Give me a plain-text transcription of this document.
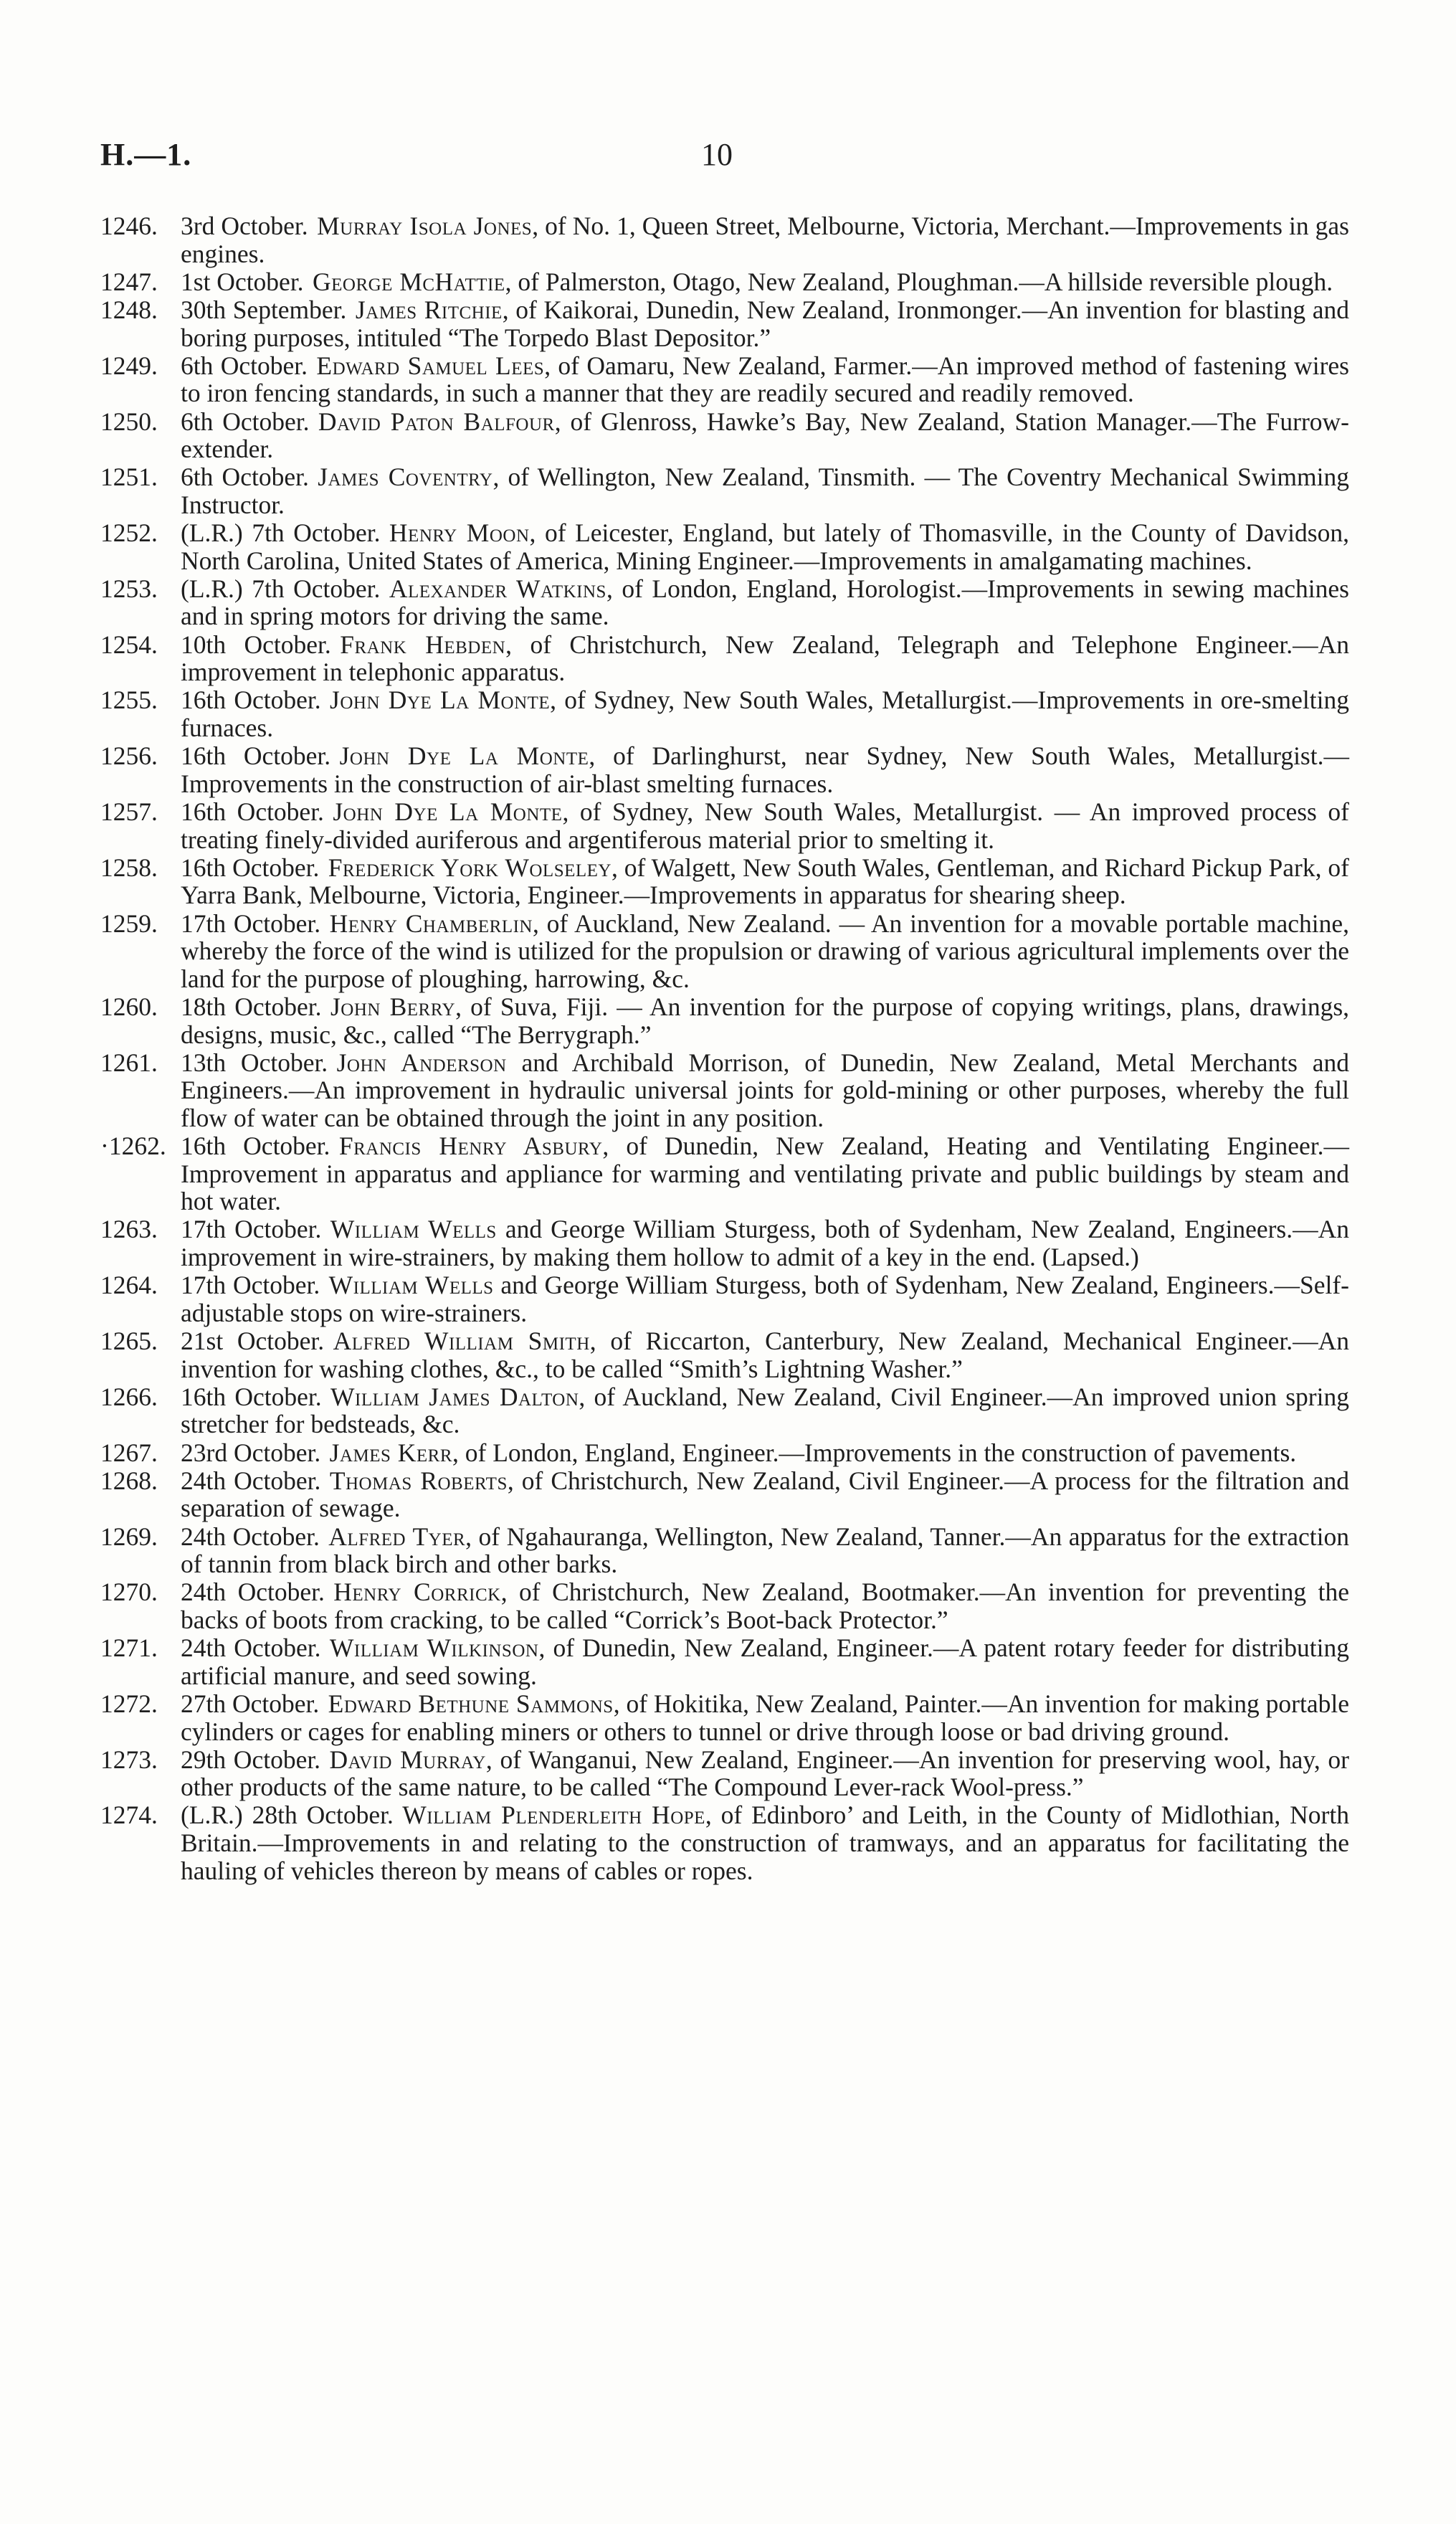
H.—1.	10
1246. 3rd October. Murray Isola Jones, of No. 1, Queen Street, Melbourne, Victoria, Merchant.—Improvements in gas engines.
1247. 1st October. George McHattie, of Palmerston, Otago, New Zealand, Ploughman.—A hillside reversible plough.
1248. 30th September. James Ritchie, of Kaikorai, Dunedin, New Zealand, Ironmonger.—An invention for blasting and boring purposes, intituled “The Torpedo Blast Depositor.”
1249. 6th October. Edward Samuel Lees, of Oamaru, New Zealand, Farmer.—An improved method of fastening wires to iron fencing standards, in such a manner that they are readily secured and readily removed.
1250. 6th October. David Paton Balfour, of Glenross, Hawke’s Bay, New Zealand, Station Manager.—The Furrow-extender.
1251. 6th October. James Coventry, of Wellington, New Zealand, Tinsmith. — The Coventry Mechanical Swimming Instructor.
1252. (L.R.) 7th October. Henry Moon, of Leicester, England, but lately of Thomasville, in the County of Davidson, North Carolina, United States of America, Mining Engineer.—Improvements in amalgamating machines.
1253. (L.R.) 7th October. Alexander Watkins, of London, England, Horologist.—Improvements in sewing machines and in spring motors for driving the same.
1254. 10th October. Frank Hebden, of Christchurch, New Zealand, Telegraph and Telephone Engineer.—An improvement in telephonic apparatus.
1255. 16th October. John Dye La Monte, of Sydney, New South Wales, Metallurgist.—Improvements in ore-smelting furnaces.
1256. 16th October. John Dye La Monte, of Darlinghurst, near Sydney, New South Wales, Metallurgist.—Improvements in the construction of air-blast smelting furnaces.
1257. 16th October. John Dye La Monte, of Sydney, New South Wales, Metallurgist. — An improved process of treating finely-divided auriferous and argentiferous material prior to smelting it.
1258. 16th October. Frederick York Wolseley, of Walgett, New South Wales, Gentleman, and Richard Pickup Park, of Yarra Bank, Melbourne, Victoria, Engineer.—Improvements in apparatus for shearing sheep.
1259. 17th October. Henry Chamberlin, of Auckland, New Zealand. — An invention for a movable portable machine, whereby the force of the wind is utilized for the propulsion or drawing of various agricultural implements over the land for the purpose of ploughing, harrowing, &c.
1260. 18th October. John Berry, of Suva, Fiji. — An invention for the purpose of copying writings, plans, drawings, designs, music, &c., called “The Berrygraph.”
1261. 13th October. John Anderson and Archibald Morrison, of Dunedin, New Zealand, Metal Merchants and Engineers.—An improvement in hydraulic universal joints for gold-mining or other purposes, whereby the full flow of water can be obtained through the joint in any position.
·1262. 16th October. Francis Henry Asbury, of Dunedin, New Zealand, Heating and Ventilating Engineer.—Improvement in apparatus and appliance for warming and ventilating private and public buildings by steam and hot water.
1263. 17th October. William Wells and George William Sturgess, both of Sydenham, New Zealand, Engineers.—An improvement in wire-strainers, by making them hollow to admit of a key in the end. (Lapsed.)
1264. 17th October. William Wells and George William Sturgess, both of Sydenham, New Zealand, Engineers.—Self-adjustable stops on wire-strainers.
1265. 21st October. Alfred William Smith, of Riccarton, Canterbury, New Zealand, Mechanical Engineer.—An invention for washing clothes, &c., to be called “Smith’s Lightning Washer.”
1266. 16th October. William James Dalton, of Auckland, New Zealand, Civil Engineer.—An improved union spring stretcher for bedsteads, &c.
1267. 23rd October. James Kerr, of London, England, Engineer.—Improvements in the construction of pavements.
1268. 24th October. Thomas Roberts, of Christchurch, New Zealand, Civil Engineer.—A process for the filtration and separation of sewage.
1269. 24th October. Alfred Tyer, of Ngahauranga, Wellington, New Zealand, Tanner.—An apparatus for the extraction of tannin from black birch and other barks.
1270. 24th October. Henry Corrick, of Christchurch, New Zealand, Bootmaker.—An invention for preventing the backs of boots from cracking, to be called “Corrick’s Boot-back Protector.”
1271. 24th October. William Wilkinson, of Dunedin, New Zealand, Engineer.—A patent rotary feeder for distributing artificial manure, and seed sowing.
1272. 27th October. Edward Bethune Sammons, of Hokitika, New Zealand, Painter.—An invention for making portable cylinders or cages for enabling miners or others to tunnel or drive through loose or bad driving ground.
1273. 29th October. David Murray, of Wanganui, New Zealand, Engineer.—An invention for preserving wool, hay, or other products of the same nature, to be called “The Compound Lever-rack Wool-press.”
1274. (L.R.) 28th October. William Plenderleith Hope, of Edinboro’ and Leith, in the County of Midlothian, North Britain.—Improvements in and relating to the construction of tramways, and an apparatus for facilitating the hauling of vehicles thereon by means of cables or ropes.
